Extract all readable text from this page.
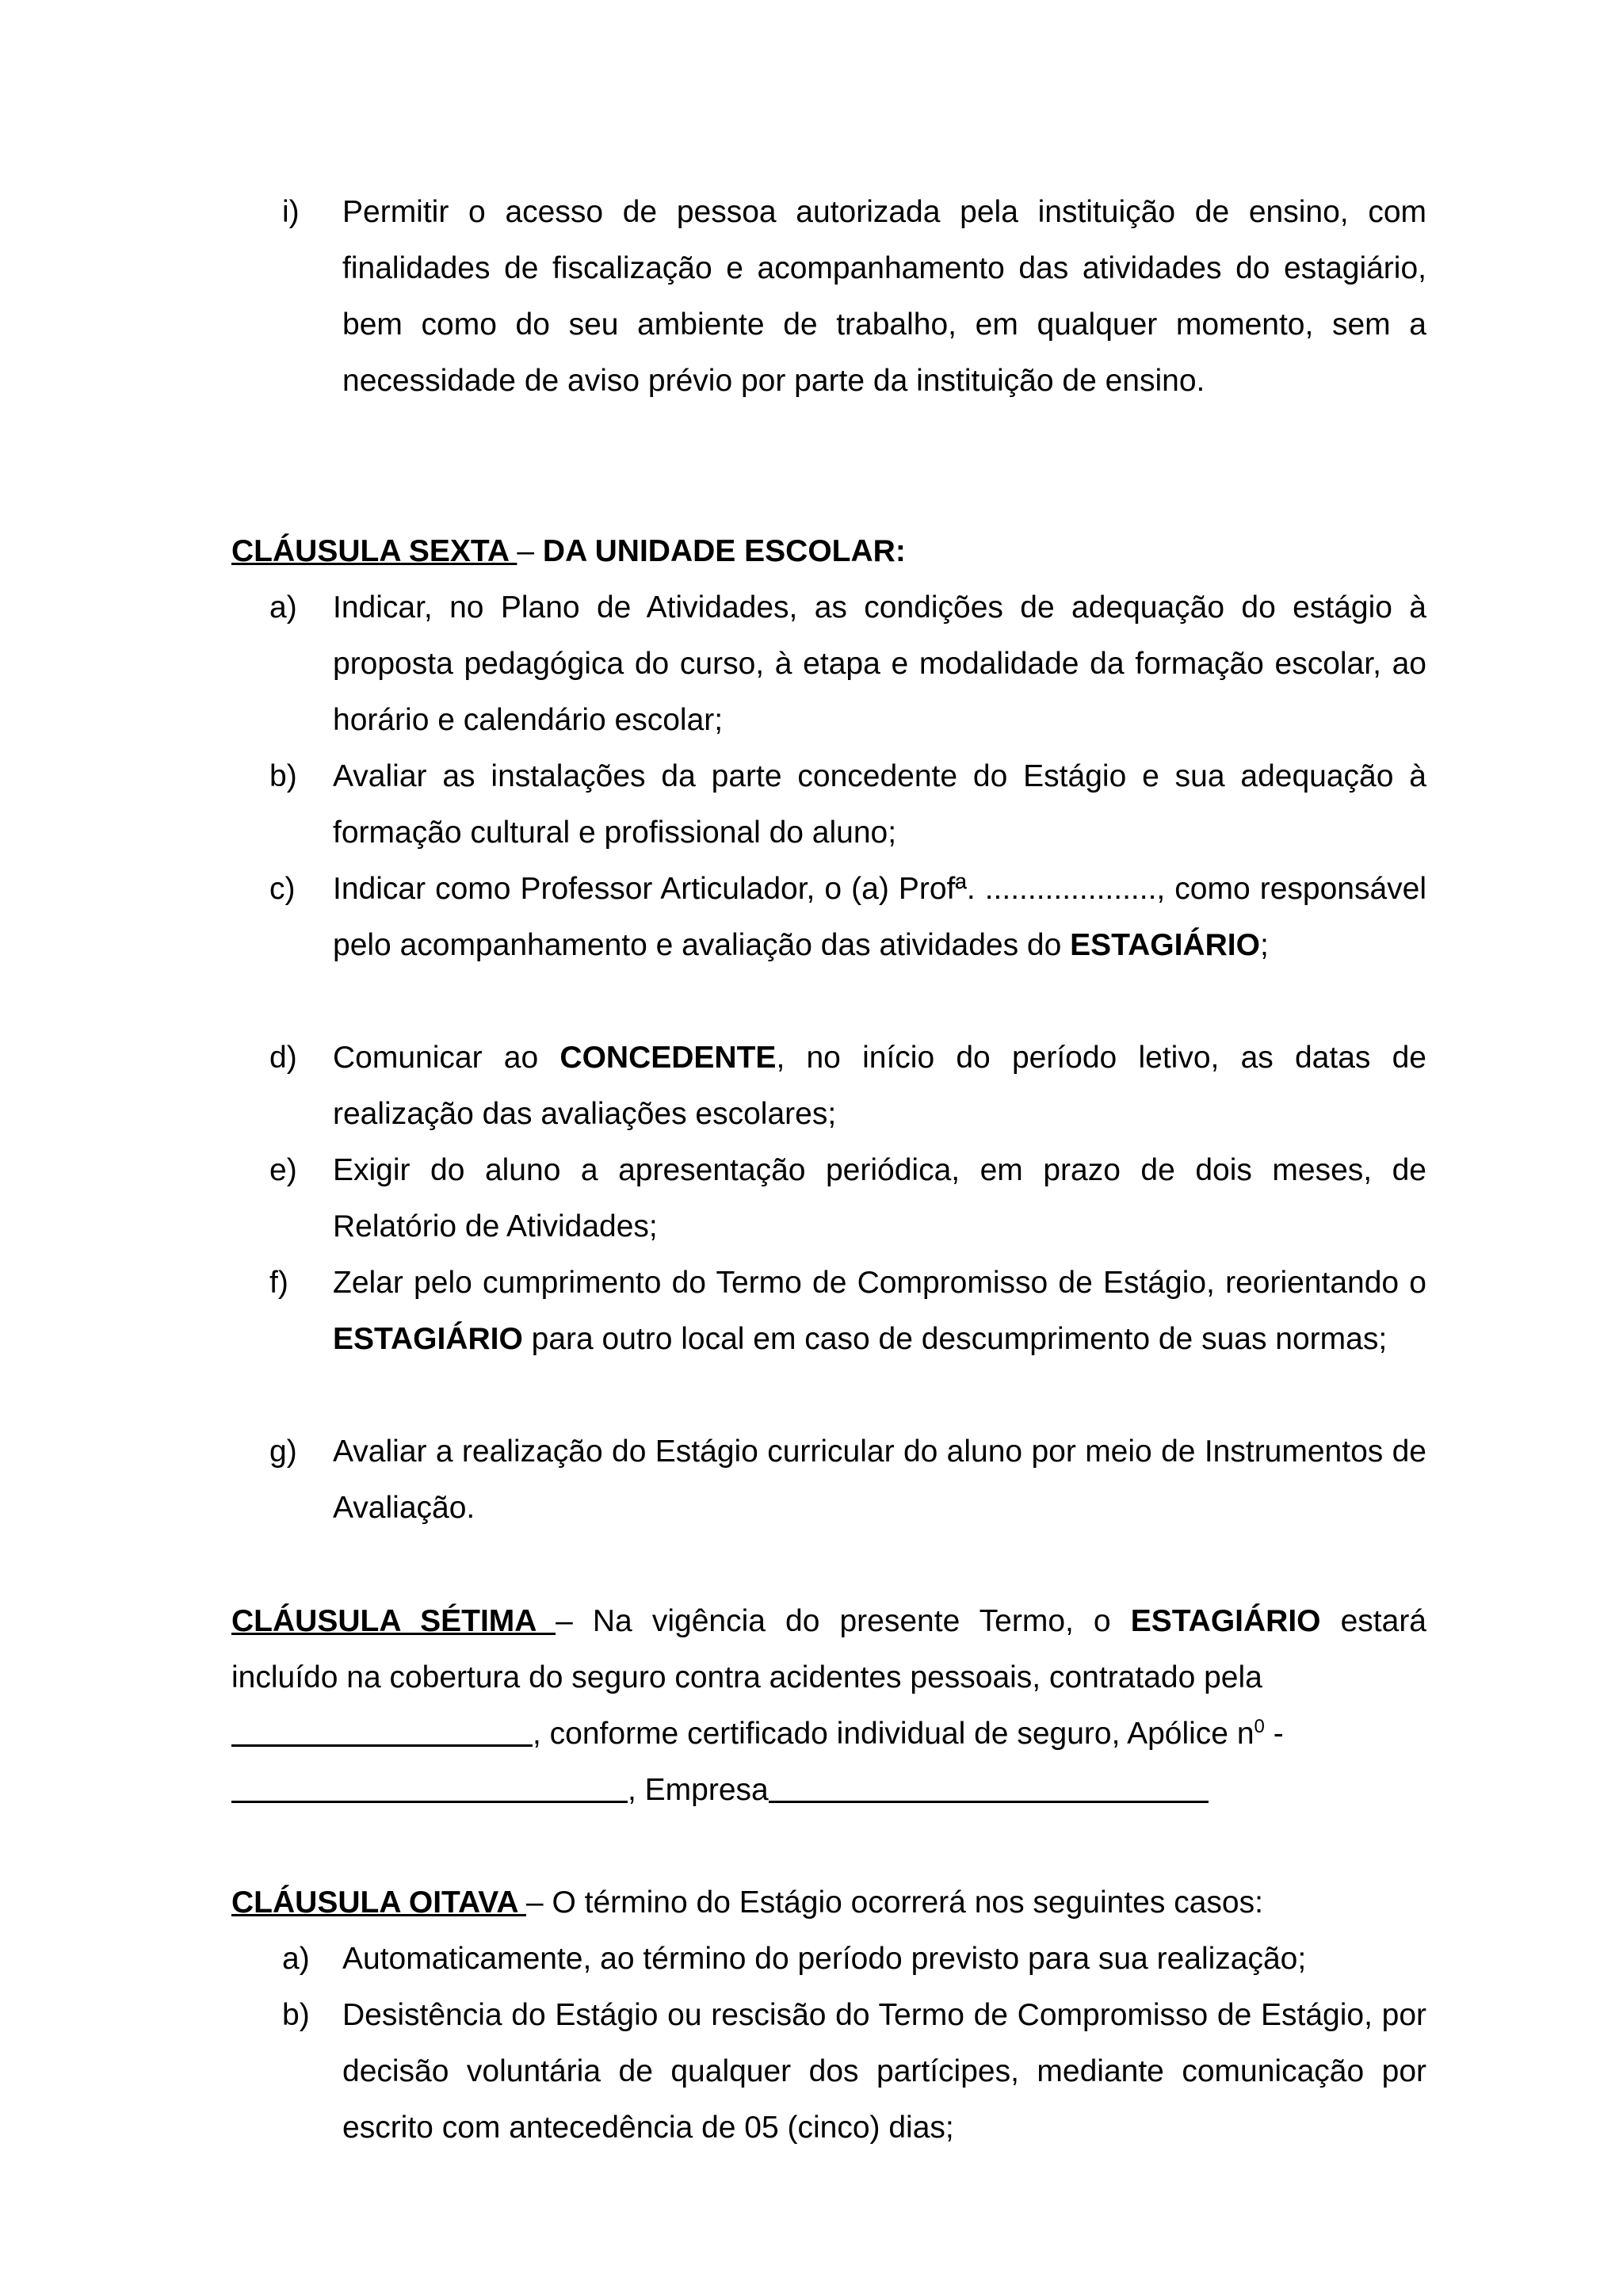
i)	Permitir o acesso de pessoa autorizada pela instituição de ensino, com finalidades de fiscalização e acompanhamento das atividades do estagiário, bem como do seu ambiente de trabalho, em qualquer momento, sem a necessidade de aviso prévio por parte da instituição de ensino.
CLÁUSULA SEXTA – DA UNIDADE ESCOLAR:
a)	Indicar, no Plano de Atividades, as condições de adequação do estágio à proposta pedagógica do curso, à etapa e modalidade da formação escolar, ao horário e calendário escolar;
b)	Avaliar as instalações da parte concedente do Estágio e sua adequação à formação cultural e profissional do aluno;
c)	Indicar como Professor Articulador, o (a) Profª. ...................., como responsável pelo acompanhamento e avaliação das atividades do ESTAGIÁRIO;
d)	Comunicar ao CONCEDENTE, no início do período letivo, as datas de realização das avaliações escolares;
e)	Exigir do aluno a apresentação periódica, em prazo de dois meses, de Relatório de Atividades;
f)	Zelar pelo cumprimento do Termo de Compromisso de Estágio, reorientando o ESTAGIÁRIO para outro local em caso de descumprimento de suas normas;
g)	Avaliar a realização do Estágio curricular do aluno por meio de Instrumentos de Avaliação.
CLÁUSULA SÉTIMA – Na vigência do presente Termo, o ESTAGIÁRIO estará incluído na cobertura do seguro contra acidentes pessoais, contratado pela
, conforme certificado individual de seguro, Apólice $n^0$ -
, Empresa
CLÁUSULA OITAVA – O término do Estágio ocorrerá nos seguintes casos:
a)	Automaticamente, ao término do período previsto para sua realização;
b)	Desistência do Estágio ou rescisão do Termo de Compromisso de Estágio, por decisão voluntária de qualquer dos partícipes, mediante comunicação por escrito com antecedência de 05 (cinco) dias;
